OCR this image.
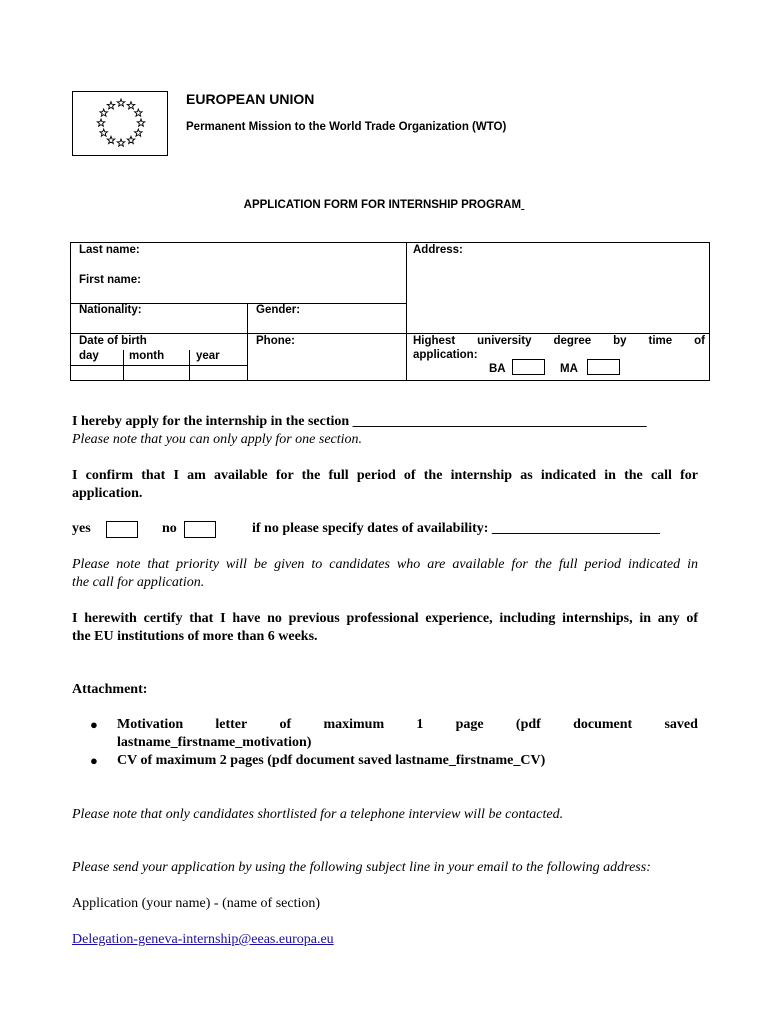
EUROPEAN UNION
Permanent Mission to the World Trade Organization (WTO)
APPLICATION FORM FOR INTERNSHIP PROGRAM
Last name:
First name:
Address:
Nationality:	Gender:
Date of birth
day	month	year
Phone:	Highest university degree by time of
application:
BA	MA
I hereby apply for the internship in the section __________________________________________
Please note that you can only apply for one section.
I confirm that I am available for the full period of the internship as indicated in the call for
application.
yes	no	if no please specify dates of availability: ________________________
Please note that priority will be given to candidates who are available for the full period indicated in
the call for application.
I herewith certify that I have no previous professional experience, including internships, in any of
the EU institutions of more than 6 weeks.
Attachment:
● Motivation letter of maximum 1 page (pdf document saved
lastname_firstname_motivation)
● CV of maximum 2 pages (pdf document saved lastname_firstname_CV)
Please note that only candidates shortlisted for a telephone interview will be contacted.
Please send your application by using the following subject line in your email to the following address:
Application (your name) - (name of section)
Delegation-geneva-internship@eeas.europa.eu
